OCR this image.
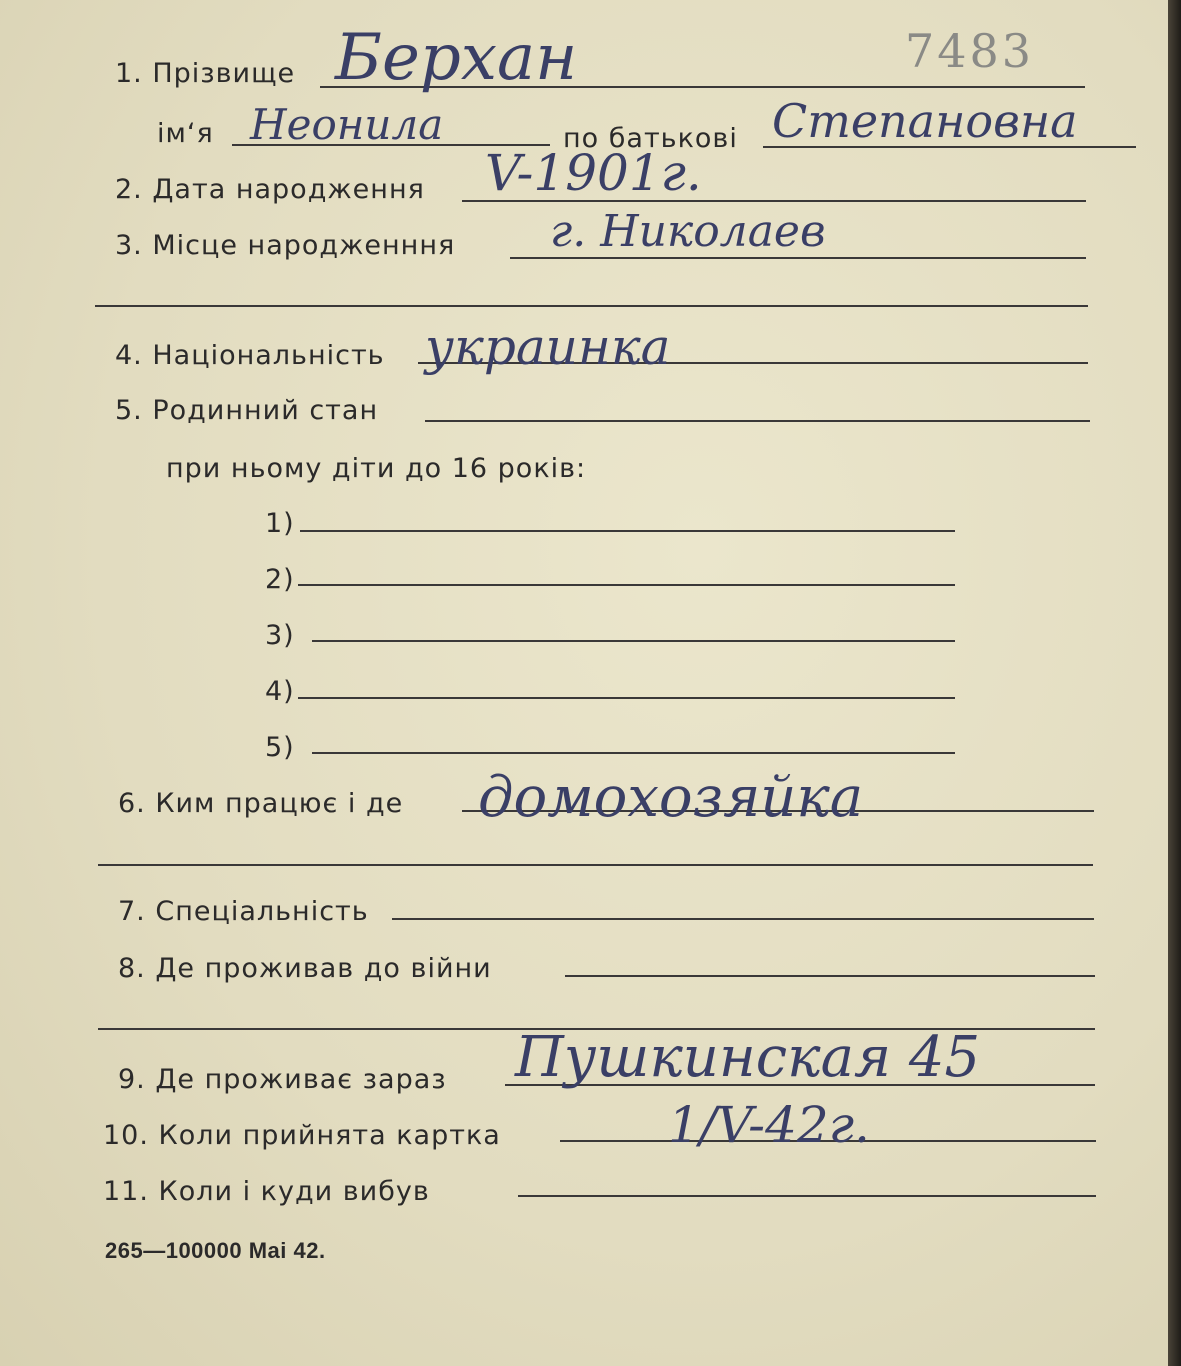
7483
1. Прізвище Берхан
ім‘я Неонила	по батькові Степановна
2. Дата народження V-1901г.
3. Місце народженння г. Николаев
4. Національність украинка
5. Родинний стан
при ньому діти до 16 років:
1)
2)
3)
4)
5)
6. Ким працює і де домохозяйка
7. Спеціальність
8. Де проживав до війни
9. Де проживає зараз Пушкинская 45
10. Коли прийнята картка	1/V-42г.
11. Коли і куди вибув
265—100000 Mai 42.
